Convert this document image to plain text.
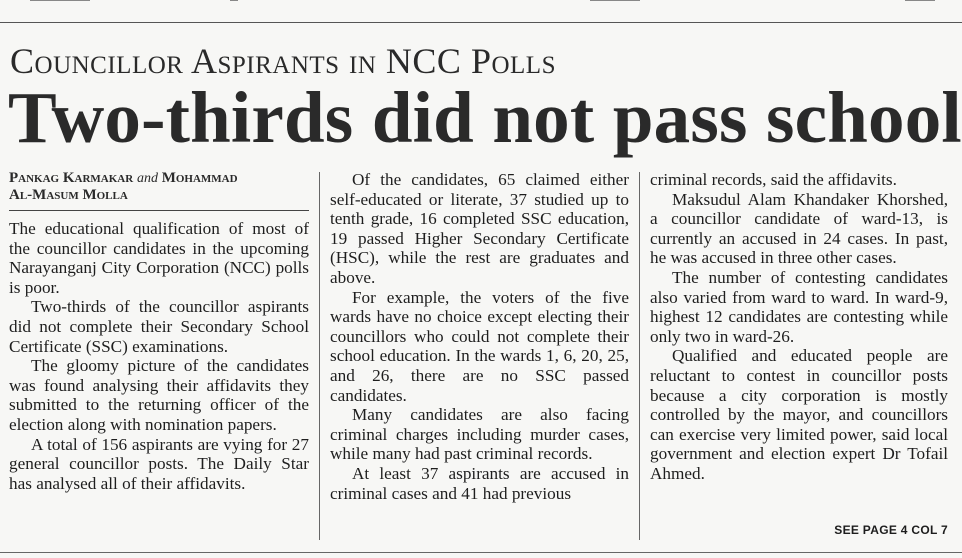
Councillor Aspirants in NCC Polls
Two-thirds did not pass school
Pankag Karmakar and Mohammad
Al-Masum Molla

The educational qualification of most of the councillor candidates in the upcoming Narayanganj City Corporation (NCC) polls is poor.

Two-thirds of the councillor aspirants did not complete their Secondary School Certificate (SSC) examinations.

The gloomy picture of the candidates was found analysing their affidavits they submitted to the returning officer of the election along with nomination papers.

A total of 156 aspirants are vying for 27 general councillor posts. The Daily Star has analysed all of their affidavits.

Of the candidates, 65 claimed either self-educated or literate, 37 studied up to tenth grade, 16 completed SSC education, 19 passed Higher Secondary Certificate (HSC), while the rest are graduates and above.

For example, the voters of the five wards have no choice except electing their councillors who could not complete their school education. In the wards 1, 6, 20, 25, and 26, there are no SSC passed candidates.

Many candidates are also facing criminal charges including murder cases, while many had past criminal records.

At least 37 aspirants are accused in criminal cases and 41 had previous

criminal records, said the affidavits.

Maksudul Alam Khandaker Khorshed, a councillor candidate of ward-13, is currently an accused in 24 cases. In past, he was accused in three other cases.

The number of contesting candidates also varied from ward to ward. In ward-9, highest 12 candidates are contesting while only two in ward-26.

Qualified and educated people are reluctant to contest in councillor posts because a city corporation is mostly controlled by the mayor, and councillors can exercise very limited power, said local government and election expert Dr Tofail Ahmed.

SEE PAGE 4 COL 7
